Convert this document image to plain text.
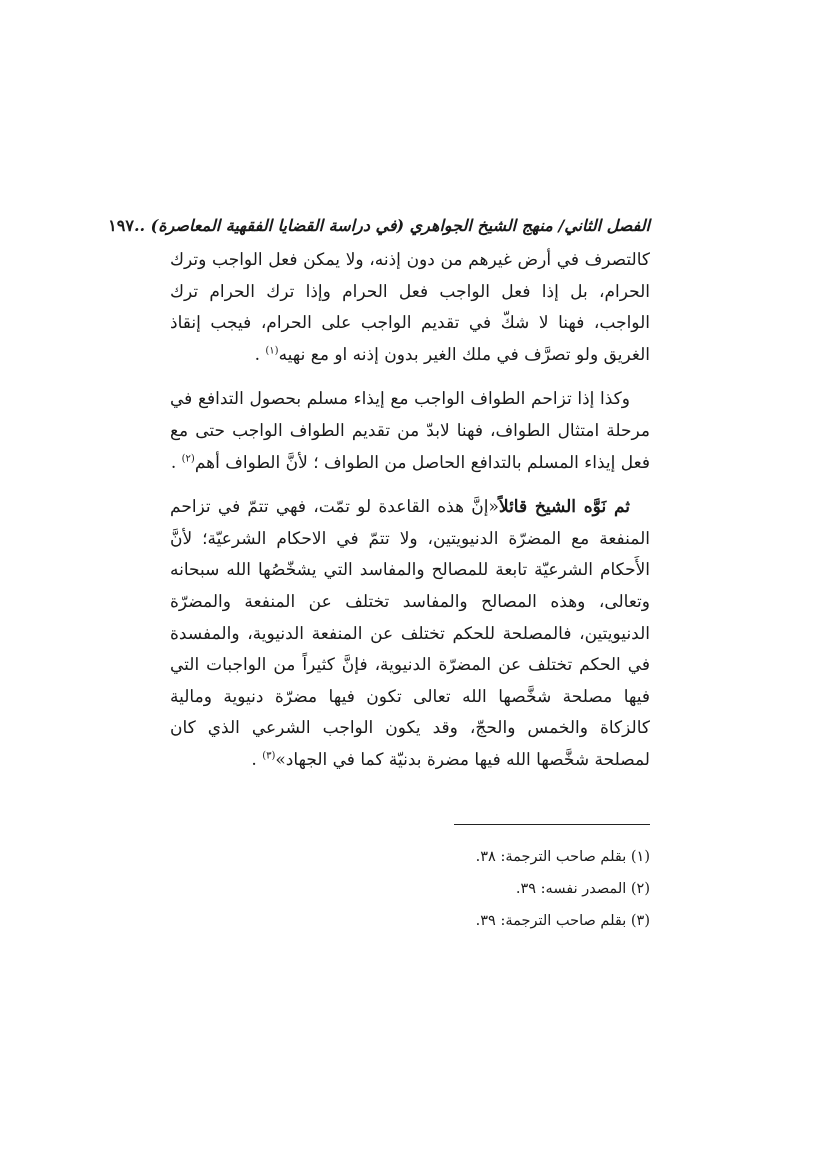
الفصل الثاني/ منهج الشيخ الجواهري (في دراسة القضايا الفقهية المعاصرة) ..١٩٧

كالتصرف في أرض غيرهم من دون إذنه، ولا يمكن فعل الواجب وترك الحرام، بل إذا فعل الواجب فعل الحرام وإذا ترك الحرام ترك الواجب، فهنا لا شكّ في تقديم الواجب على الحرام، فيجب إنقاذ الغريق ولو تصرَّف في ملك الغير بدون إذنه او مع نهيه$^{(١)}$ .

وكذا إذا تزاحم الطواف الواجب مع إيذاء مسلم بحصول التدافع في مرحلة امتثال الطواف، فهنا لابدّ من تقديم الطواف الواجب حتى مع فعل إيذاء المسلم بالتدافع الحاصل من الطواف ؛ لأنَّ الطواف أهم$^{(٢)}$ .

ثم نَوَّه الشيخ قائلاً«إنَّ هذه القاعدة لو تمّت، فهي تتمّ في تزاحم المنفعة مع المضرّة الدنيويتين، ولا تتمّ في الاحكام الشرعيّة؛ لأنَّ الأَحكام الشرعيّة تابعة للمصالح والمفاسد التي يشخّصُها الله سبحانه وتعالى، وهذه المصالح والمفاسد تختلف عن المنفعة والمضرّة الدنيويتين، فالمصلحة للحكم تختلف عن المنفعة الدنيوية، والمفسدة في الحكم تختلف عن المضرّة الدنيوية، فإنَّ كثيراً من الواجبات التي فيها مصلحة شخَّصها الله تعالى تكون فيها مضرّة دنيوية ومالية كالزكاة والخمس والحجّ، وقد يكون الواجب الشرعي الذي كان لمصلحة شخَّصها الله فيها مضرة بدنيّة كما في الجهاد»$^{(٣)}$ .

(١) بقلم صاحب الترجمة: ٣٨.
(٢) المصدر نفسه: ٣٩.
(٣) بقلم صاحب الترجمة: ٣٩.
